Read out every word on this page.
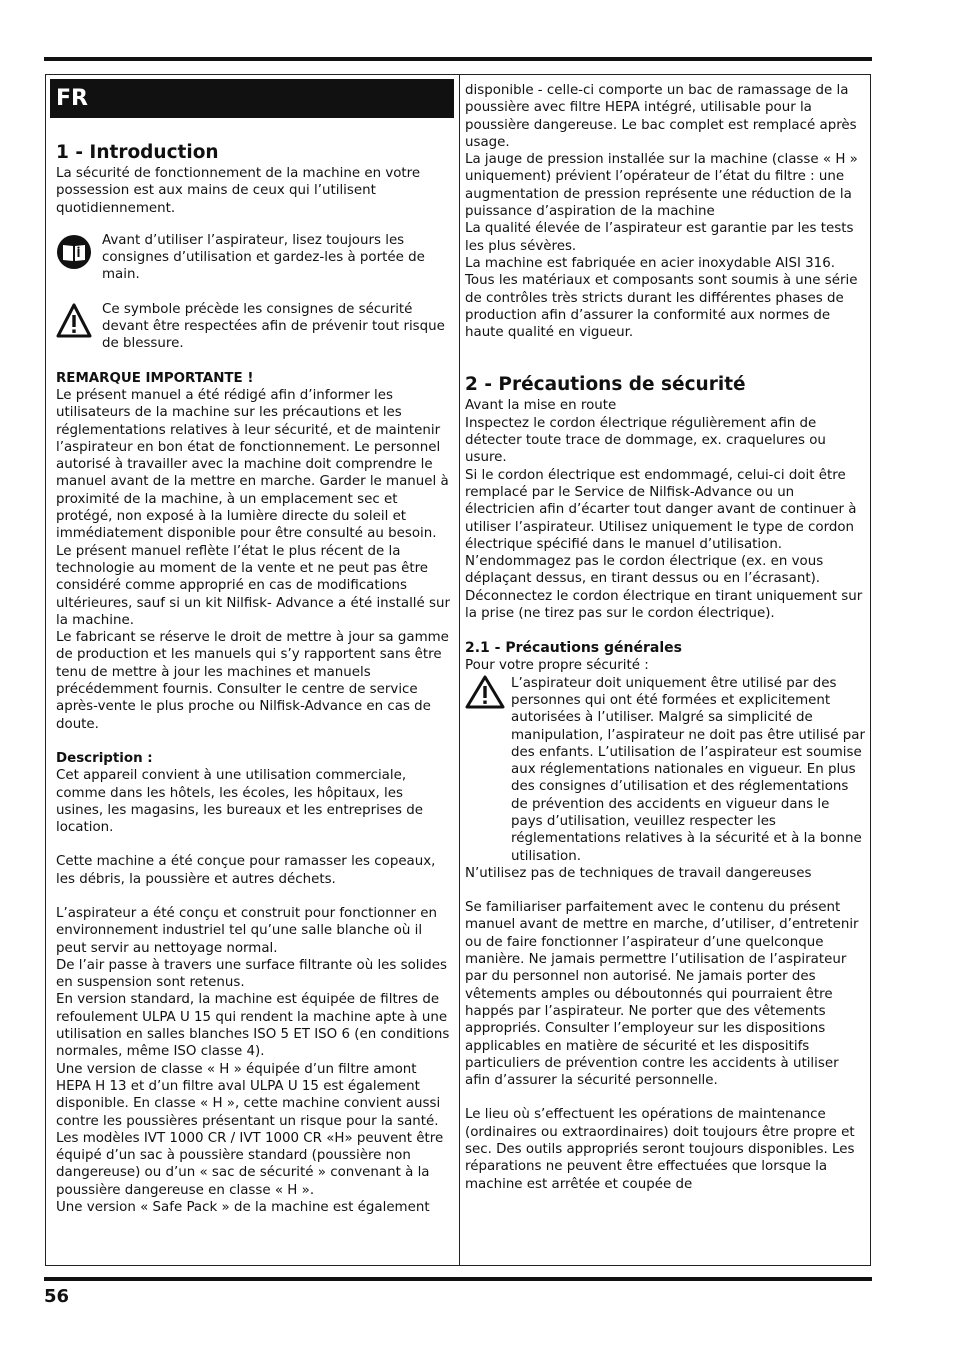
FR

1 - Introduction

La sécurité de fonctionnement de la machine en votre possession est aux mains de ceux qui l’utilisent quotidiennement.

Avant d’utiliser l’aspirateur, lisez toujours les consignes d’utilisation et gardez-les à portée de main.

Ce symbole précède les consignes de sécurité devant être respectées afin de prévenir tout risque de blessure.

REMARQUE IMPORTANTE !

Le présent manuel a été rédigé afin d’informer les utilisateurs de la machine sur les précautions et les réglementations relatives à leur sécurité, et de maintenir l’aspirateur en bon état de fonctionnement. Le personnel autorisé à travailler avec la machine doit comprendre le manuel avant de la mettre en marche. Garder le manuel à proximité de la machine, à un emplacement sec et protégé, non exposé à la lumière directe du soleil et immédiatement disponible pour être consulté au besoin.

Le présent manuel reflète l’état le plus récent de la technologie au moment de la vente et ne peut pas être considéré comme approprié en cas de modifications ultérieures, sauf si un kit Nilfisk- Advance a été installé sur la machine.

Le fabricant se réserve le droit de mettre à jour sa gamme de production et les manuels qui s’y rapportent sans être tenu de mettre à jour les machines et manuels précédemment fournis. Consulter le centre de service après-vente le plus proche ou Nilfisk-Advance en cas de doute.

Description :

Cet appareil convient à une utilisation commerciale, comme dans les hôtels, les écoles, les hôpitaux, les usines, les magasins, les bureaux et les entreprises de location.

Cette machine a été conçue pour ramasser les copeaux, les débris, la poussière et autres déchets.

L’aspirateur a été conçu et construit pour fonctionner en environnement industriel tel qu’une salle blanche où il peut servir au nettoyage normal.

De l’air passe à travers une surface filtrante où les solides en suspension sont retenus.

En version standard, la machine est équipée de filtres de refoulement ULPA U 15 qui rendent la machine apte à une utilisation en salles blanches ISO 5 ET ISO 6 (en conditions normales, même ISO classe 4).

Une version de classe « H » équipée d’un filtre amont HEPA H 13 et d’un filtre aval ULPA U 15 est également disponible. En classe « H », cette machine convient aussi contre les poussières présentant un risque pour la santé.

Les modèles IVT 1000 CR / IVT 1000 CR «H» peuvent être équipé d’un sac à poussière standard (poussière non dangereuse) ou d’un « sac de sécurité » convenant à la poussière dangereuse en classe « H ».

Une version « Safe Pack » de la machine est également

disponible - celle-ci comporte un bac de ramassage de la poussière avec filtre HEPA intégré, utilisable pour la poussière dangereuse. Le bac complet est remplacé après usage.

La jauge de pression installée sur la machine (classe « H » uniquement) prévient l’opérateur de l’état du filtre : une augmentation de pression représente une réduction de la puissance d’aspiration de la machine

La qualité élevée de l’aspirateur est garantie par les tests les plus sévères.

La machine est fabriquée en acier inoxydable AISI 316.

Tous les matériaux et composants sont soumis à une série de contrôles très stricts durant les différentes phases de production afin d’assurer la conformité aux normes de haute qualité en vigueur.

2 - Précautions de sécurité

Avant la mise en route

Inspectez le cordon électrique régulièrement afin de détecter toute trace de dommage, ex. craquelures ou usure.

Si le cordon électrique est endommagé, celui-ci doit être remplacé par le Service de Nilfisk-Advance ou un électricien afin d’écarter tout danger avant de continuer à utiliser l’aspirateur. Utilisez uniquement le type de cordon électrique spécifié dans le manuel d’utilisation.

N’endommagez pas le cordon électrique (ex. en vous déplaçant dessus, en tirant dessus ou en l’écrasant).

Déconnectez le cordon électrique en tirant uniquement sur la prise (ne tirez pas sur le cordon électrique).

2.1 - Précautions générales

Pour votre propre sécurité :

L’aspirateur doit uniquement être utilisé par des personnes qui ont été formées et explicitement autorisées à l’utiliser. Malgré sa simplicité de manipulation, l’aspirateur ne doit pas être utilisé par des enfants. L’utilisation de l’aspirateur est soumise aux réglementations nationales en vigueur. En plus des consignes d’utilisation et des réglementations de prévention des accidents en vigueur dans le pays d’utilisation, veuillez respecter les réglementations relatives à la sécurité et à la bonne utilisation.

N’utilisez pas de techniques de travail dangereuses

Se familiariser parfaitement avec le contenu du présent manuel avant de mettre en marche, d’utiliser, d’entretenir ou de faire fonctionner l’aspirateur d’une quelconque manière. Ne jamais permettre l’utilisation de l’aspirateur par du personnel non autorisé. Ne jamais porter des vêtements amples ou déboutonnés qui pourraient être happés par l’aspirateur. Ne porter que des vêtements appropriés. Consulter l’employeur sur les dispositions applicables en matière de sécurité et les dispositifs particuliers de prévention contre les accidents à utiliser afin d’assurer la sécurité personnelle.

Le lieu où s’effectuent les opérations de maintenance (ordinaires ou extraordinaires) doit toujours être propre et sec. Des outils appropriés seront toujours disponibles. Les réparations ne peuvent être effectuées que lorsque la machine est arrêtée et coupée de

56
